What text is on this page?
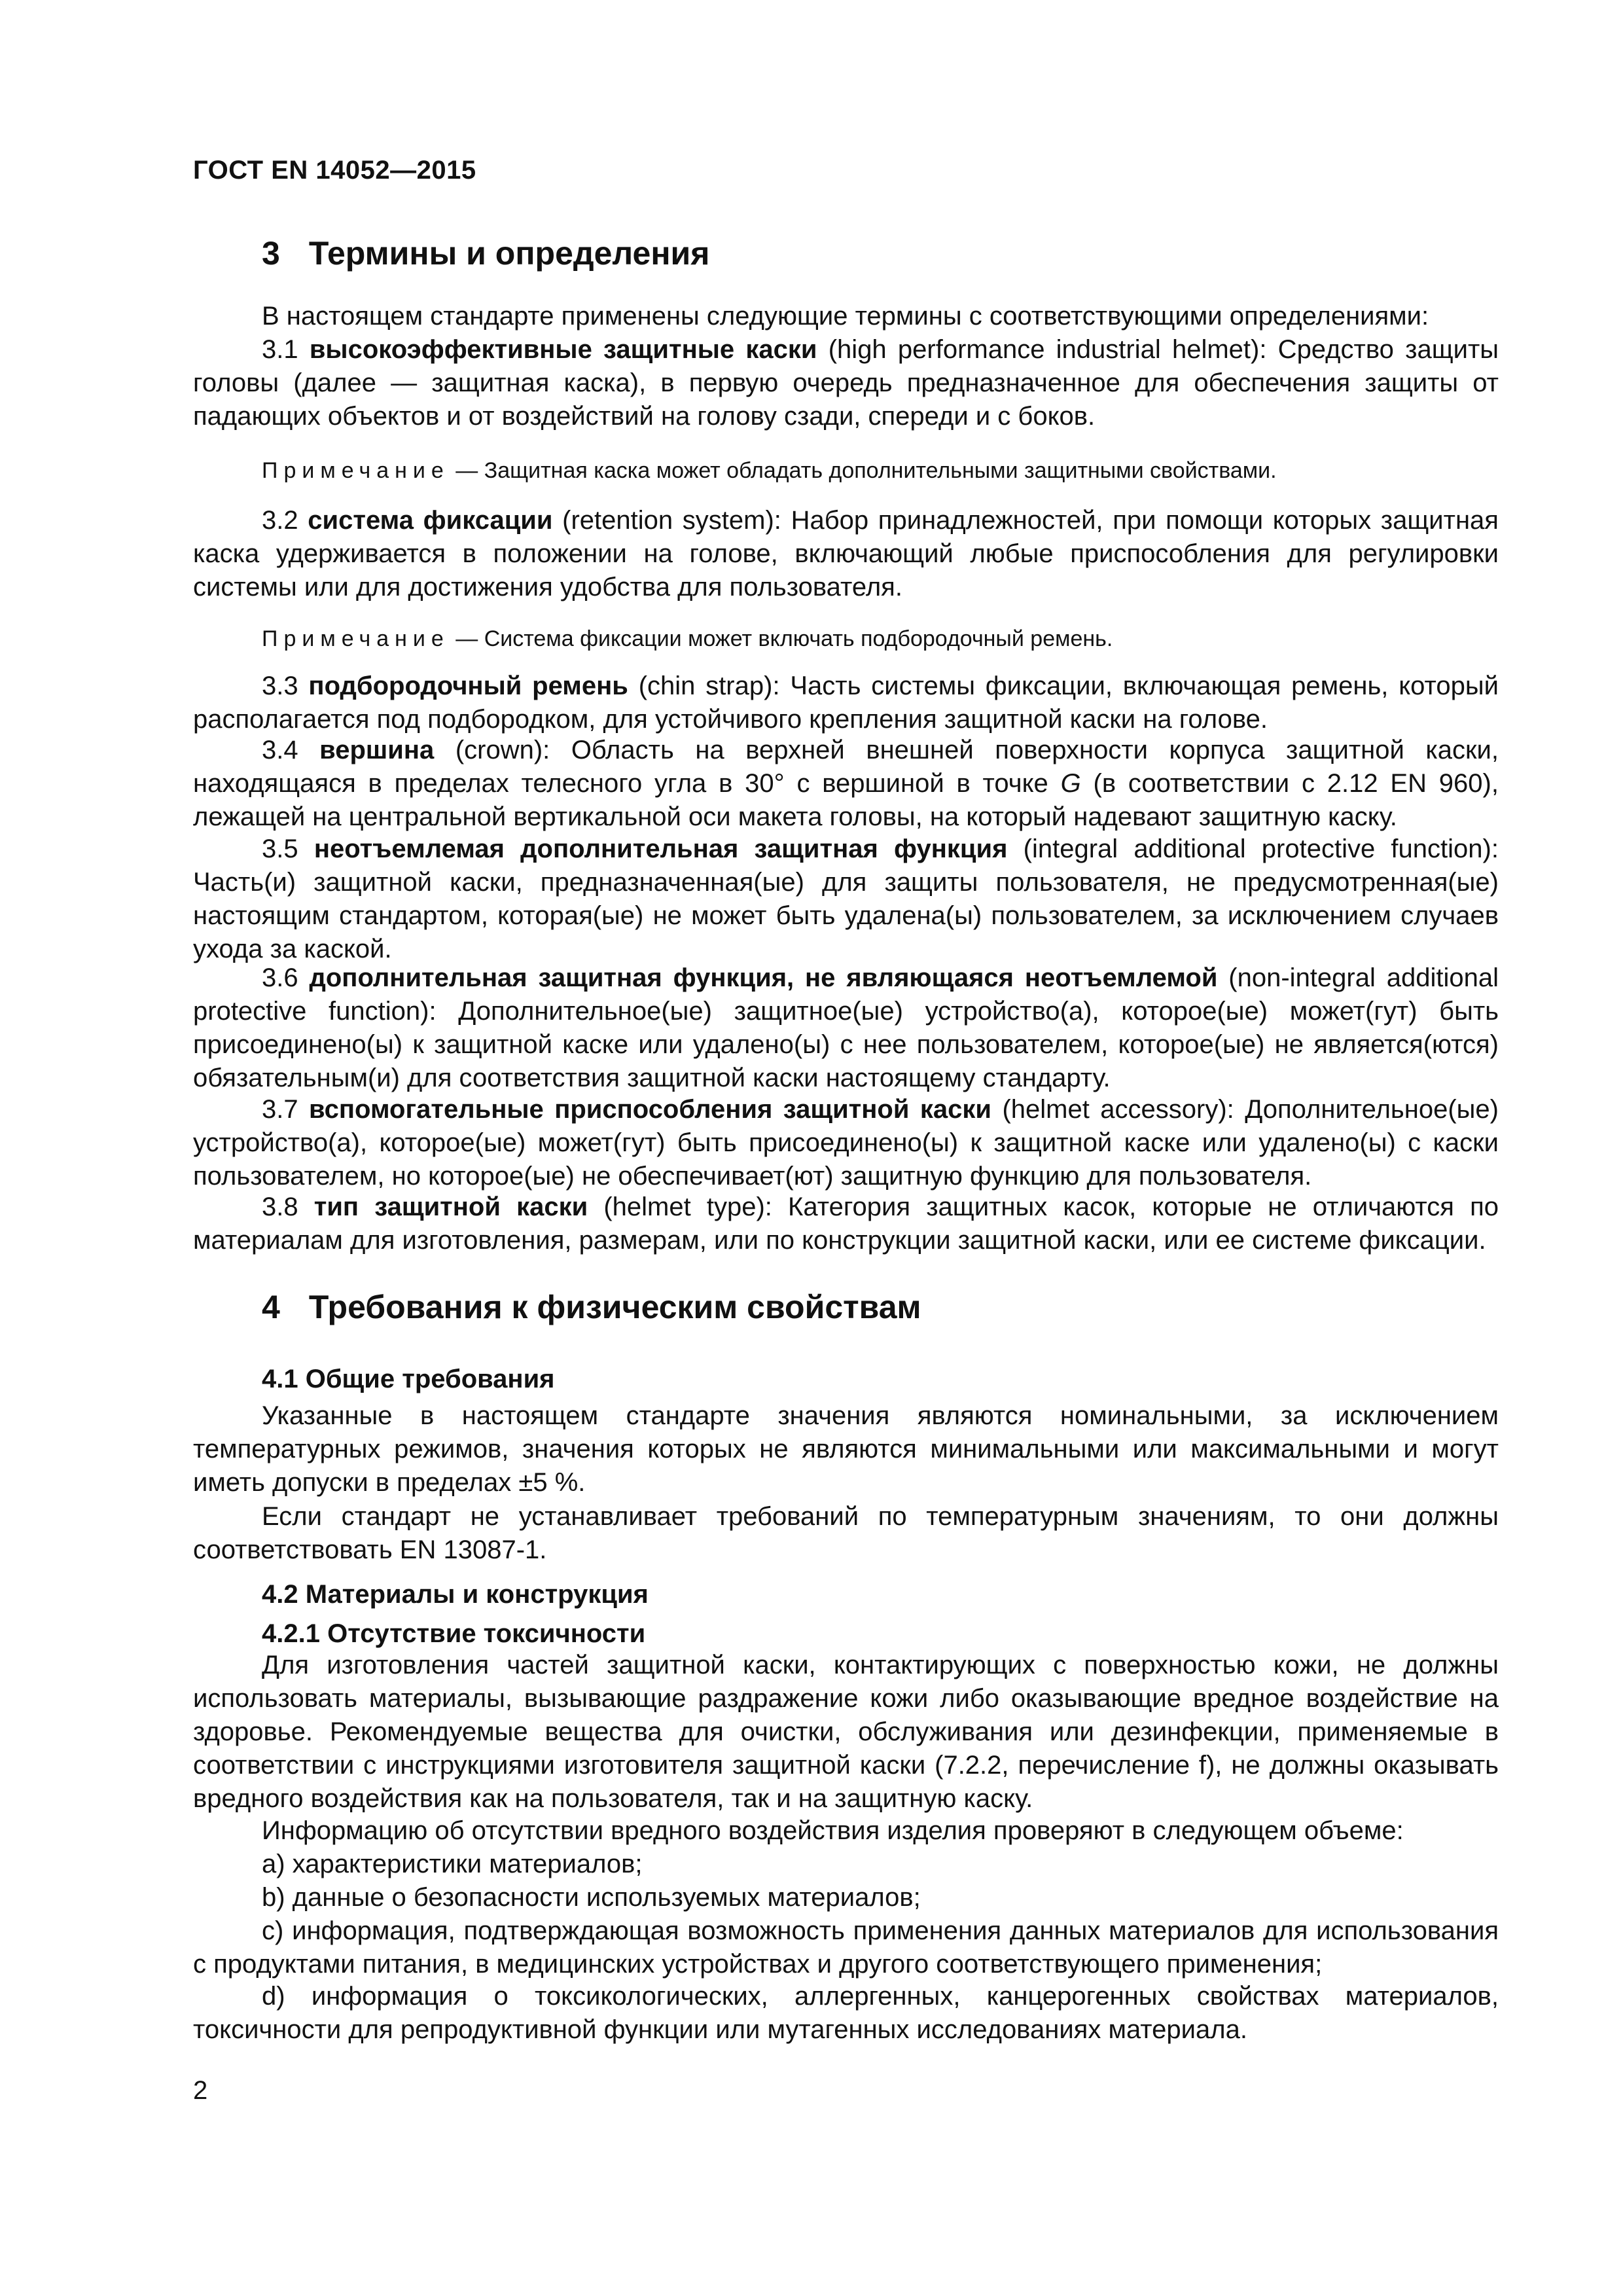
ГОСТ EN 14052—2015
3 Термины и определения
В настоящем стандарте применены следующие термины с соответствующими определениями:
3.1 высокоэффективные защитные каски (high performance industrial helmet): Средство защиты головы (далее — защитная каска), в первую очередь предназначенное для обеспечения защиты от падающих объектов и от воздействий на голову сзади, спереди и с боков.
Примечание — Защитная каска может обладать дополнительными защитными свойствами.
3.2 система фиксации (retention system): Набор принадлежностей, при помощи которых защитная каска удерживается в положении на голове, включающий любые приспособления для регулировки системы или для достижения удобства для пользователя.
Примечание — Система фиксации может включать подбородочный ремень.
3.3 подбородочный ремень (chin strap): Часть системы фиксации, включающая ремень, который располагается под подбородком, для устойчивого крепления защитной каски на голове.
3.4 вершина (crown): Область на верхней внешней поверхности корпуса защитной каски, находящаяся в пределах телесного угла в 30° с вершиной в точке G (в соответствии с 2.12 EN 960), лежащей на центральной вертикальной оси макета головы, на который надевают защитную каску.
3.5 неотъемлемая дополнительная защитная функция (integral additional protective function): Часть(и) защитной каски, предназначенная(ые) для защиты пользователя, не предусмотренная(ые) настоящим стандартом, которая(ые) не может быть удалена(ы) пользователем, за исключением случаев ухода за каской.
3.6 дополнительная защитная функция, не являющаяся неотъемлемой (non-integral additional protective function): Дополнительное(ые) защитное(ые) устройство(а), которое(ые) может(гут) быть присоединено(ы) к защитной каске или удалено(ы) с нее пользователем, которое(ые) не является(ются) обязательным(и) для соответствия защитной каски настоящему стандарту.
3.7 вспомогательные приспособления защитной каски (helmet accessory): Дополнительное(ые) устройство(а), которое(ые) может(гут) быть присоединено(ы) к защитной каске или удалено(ы) с каски пользователем, но которое(ые) не обеспечивает(ют) защитную функцию для пользователя.
3.8 тип защитной каски (helmet type): Категория защитных касок, которые не отличаются по материалам для изготовления, размерам, или по конструкции защитной каски, или ее системе фиксации.
4 Требования к физическим свойствам
4.1 Общие требования
Указанные в настоящем стандарте значения являются номинальными, за исключением температурных режимов, значения которых не являются минимальными или максимальными и могут иметь допуски в пределах ±5 %.
Если стандарт не устанавливает требований по температурным значениям, то они должны соответствовать EN 13087-1.
4.2 Материалы и конструкция
4.2.1 Отсутствие токсичности
Для изготовления частей защитной каски, контактирующих с поверхностью кожи, не должны использовать материалы, вызывающие раздражение кожи либо оказывающие вредное воздействие на здоровье. Рекомендуемые вещества для очистки, обслуживания или дезинфекции, применяемые в соответствии с инструкциями изготовителя защитной каски (7.2.2, перечисление f), не должны оказывать вредного воздействия как на пользователя, так и на защитную каску.
Информацию об отсутствии вредного воздействия изделия проверяют в следующем объеме:
a) характеристики материалов;
b) данные о безопасности используемых материалов;
c) информация, подтверждающая возможность применения данных материалов для использования с продуктами питания, в медицинских устройствах и другого соответствующего применения;
d) информация о токсикологических, аллергенных, канцерогенных свойствах материалов, токсичности для репродуктивной функции или мутагенных исследованиях материала.
2
